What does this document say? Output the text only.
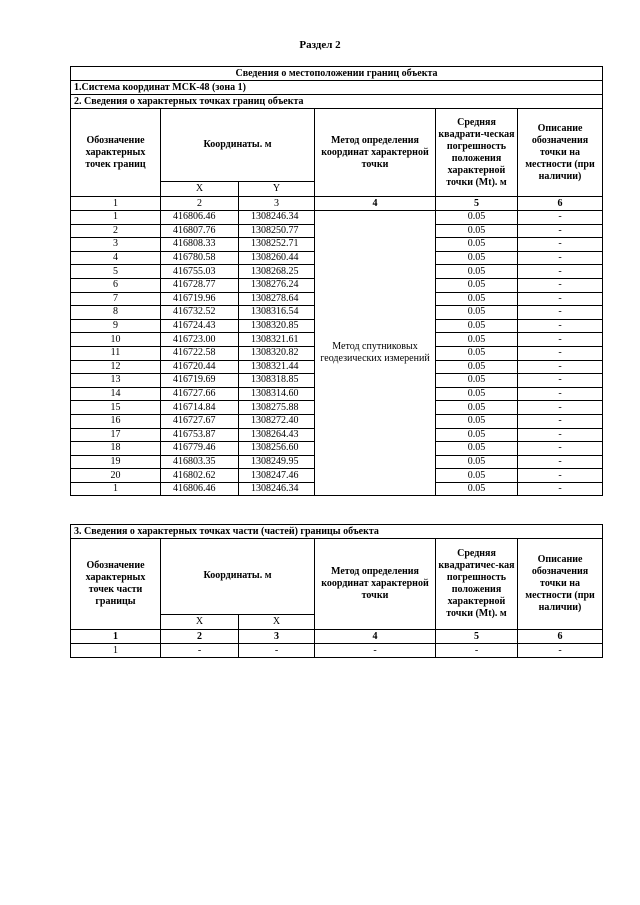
Раздел 2
Сведения о местоположении границ объекта					
1.Система координат МСК-48 (зона 1)					
2. Сведения о характерных точках границ объекта					
Обозначение характерных точек границ	Координаты. м		Метод определения координат характерной точки	Средняя квадрати-ческая погрешность положения характерной точки (Mt). м	Описание обозначения точки на местности (при наличии)
	X	Y			
1	2	3	4	5	6
1	416806.46	1308246.34	Метод спутниковых геодезических измерений	0.05	-
2	416807.76	1308250.77		0.05	-
3	416808.33	1308252.71		0.05	-
4	416780.58	1308260.44		0.05	-
5	416755.03	1308268.25		0.05	-
6	416728.77	1308276.24		0.05	-
7	416719.96	1308278.64		0.05	-
8	416732.52	1308316.54		0.05	-
9	416724.43	1308320.85		0.05	-
10	416723.00	1308321.61		0.05	-
11	416722.58	1308320.82		0.05	-
12	416720.44	1308321.44		0.05	-
13	416719.69	1308318.85		0.05	-
14	416727.66	1308314.60		0.05	-
15	416714.84	1308275.88		0.05	-
16	416727.67	1308272.40		0.05	-
17	416753.87	1308264.43		0.05	-
18	416779.46	1308256.60		0.05	-
19	416803.35	1308249.95		0.05	-
20	416802.62	1308247.46		0.05	-
1	416806.46	1308246.34		0.05	-
3. Сведения о характерных точках части (частей) границы объекта					
Обозначение характерных точек части границы	Координаты. м		Метод определения координат характерной точки	Средняя квадратичес-кая погрешность положения характерной точки (Mt). м	Описание обозначения точки на местности (при наличии)
	X	X			
1	2	3	4	5	6
1	-	-	-	-	-
